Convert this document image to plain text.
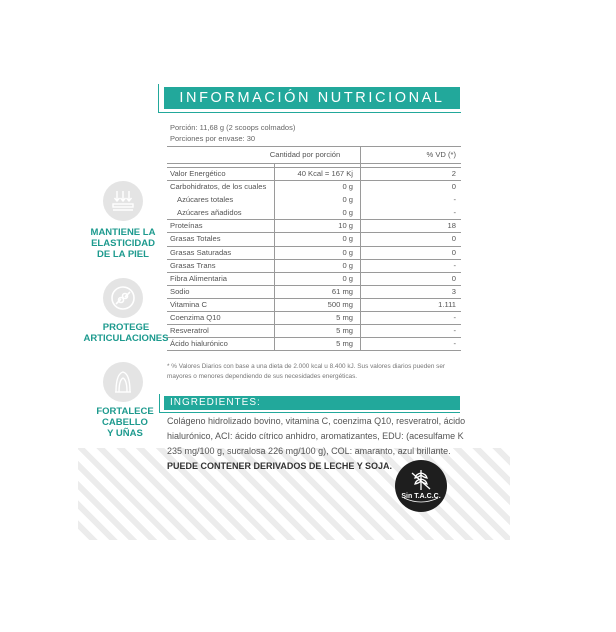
INFORMACIÓN NUTRICIONAL
Porción: 11,68 g (2 scoops colmados)
Porciones por envase: 30
Cantidad por porción	% VD (*)
Valor Energético	40 Kcal = 167 Kj	2
Carbohidratos, de los cuales	0 g	0
Azúcares totales	0 g	-
Azúcares añadidos	0 g	-
Proteínas	10 g	18
Grasas Totales	0 g	0
Grasas Saturadas	0 g	0
Grasas Trans	0 g	-
Fibra Alimentaria	0 g	0
Sodio	61 mg	3
Vitamina C	500 mg	1.111
Coenzima Q10	5 mg	-
Resveratrol	5 mg	-
Ácido hialurónico	5 mg	-
* % Valores Diarios con base a una dieta de 2.000 kcal u 8.400 kJ. Sus valores diarios pueden ser mayores o menores dependiendo de sus necesidades energéticas.
INGREDIENTES:
Colágeno hidrolizado bovino, vitamina C, coenzima Q10, resveratrol, ácido hialurónico, ACI: ácido cítrico anhidro, aromatizantes, EDU: (acesulfame K 235 mg/100 g, sucralosa 226 mg/100 g), COL: amaranto, azul brillante. PUEDE CONTENER DERIVADOS DE LECHE Y SOJA.
MANTIENE LA
ELASTICIDAD
DE LA PIEL
PROTEGE
ARTICULACIONES
FORTALECE
CABELLO
Y UÑAS
Sin T.A.C.C.
